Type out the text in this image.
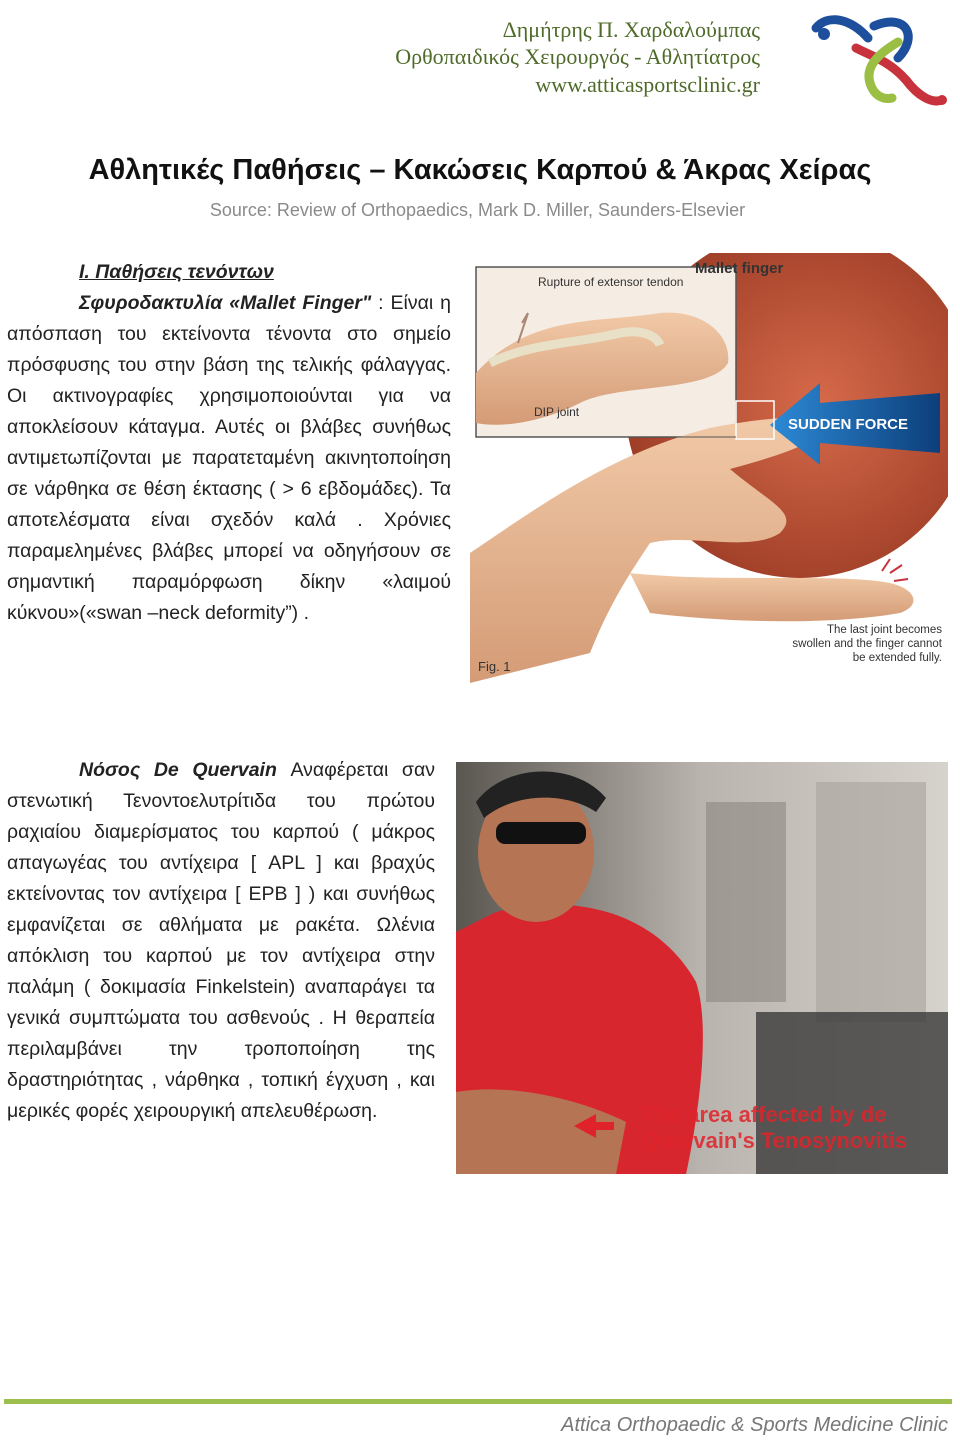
Δημήτρης Π. Χαρδαλούμπας
Ορθοπαιδικός Χειρουργός - Αθλητίατρος
www.atticasportsclinic.gr
Αθλητικές Παθήσεις – Κακώσεις Καρπού & Άκρας Χείρας
Source: Review of Orthopaedics, Mark D. Miller, Saunders-Elsevier

I. Παθήσεις τενόντων

Σφυροδακτυλία «Mallet Finger" : Είναι η απόσπαση του εκτείνοντα τένοντα στο σημείο πρόσφυσης του στην βάση της τελικής φάλαγγας. Οι ακτινογραφίες χρησιμοποιούνται για να αποκλείσουν κάταγμα. Αυτές οι βλάβες συνήθως αντιμετωπίζονται με παρατεταμένη ακινητοποίηση σε νάρθηκα σε θέση έκτασης ( > 6 εβδομάδες). Τα αποτελέσματα είναι σχεδόν καλά . Χρόνιες παραμελημένες βλάβες μπορεί να οδηγήσουν σε σημαντική παραμόρφωση δίκην «λαιμού κύκνου»(«swan –neck deformity”) .

Mallet finger
Rupture of extensor tendon
DIP joint
SUDDEN FORCE
Fig. 1
The last joint becomes swollen and the finger cannot be extended fully.

Νόσος De Quervain Αναφέρεται σαν στενωτική Τενοντοελυτρίτιδα του πρώτου ραχιαίου διαμερίσματος του καρπού ( μάκρος απαγωγέας του αντίχειρα [ APL ] και βραχύς εκτείνοντας τον αντίχειρα [ EPB ] ) και συνήθως εμφανίζεται σε αθλήματα με ρακέτα. Ωλένια απόκλιση του καρπού με τον αντίχειρα στην παλάμη ( δοκιμασία Finkelstein) αναπαράγει τα γενικά συμπτώματα του ασθενούς . Η θεραπεία περιλαμβάνει την τροποποίηση της δραστηριότητας , νάρθηκα , τοπική έγχυση , και μερικές φορές χειρουργική απελευθέρωση.	The area affected by de Quervain's Tenosynovitis
Attica Orthopaedic & Sports Medicine Clinic
